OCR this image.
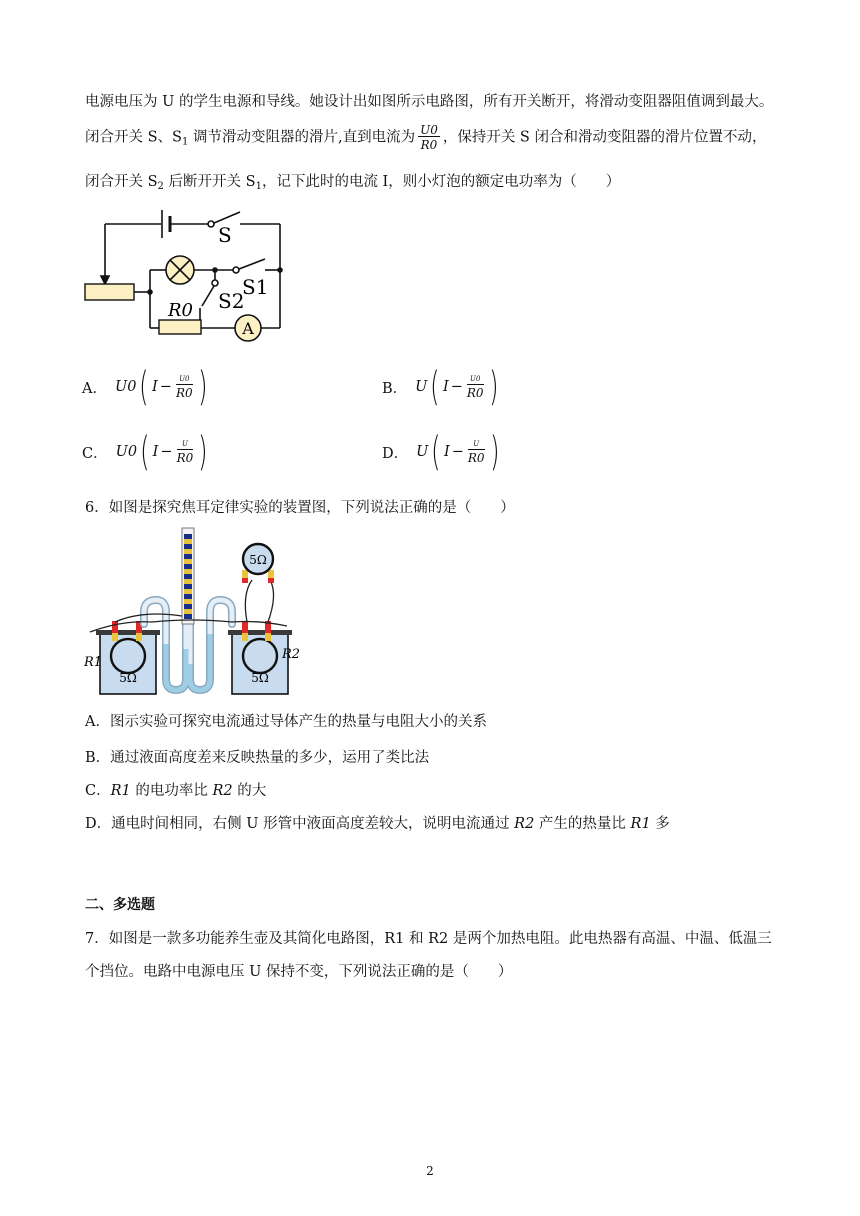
电源电压为 U 的学生电源和导线。她设计出如图所示电路图，所有开关断开，将滑动变阻器阻值调到最大。
闭合开关 S、$S_1$ 调节滑动变阻器的滑片,直到电流为 $\frac{U0}{R0}$ ，保持开关 S 闭合和滑动变阻器的滑片位置不动，
闭合开关 $S_2$ 后断开开关 $S_1$，记下此时的电流 I，则小灯泡的额定电功率为（　　）
A
S
S1
S2
R0
A． U0 ( I −
U0
R0 )	B． U ( I −
U0
R0 )
C． U0 ( I −
U
R0 )	D． U ( I −
U
R0 )
6．如图是探究焦耳定律实验的装置图，下列说法正确的是（　　）
5Ω	5Ω
5Ω
R1
R2
A．图示实验可探究电流通过导体产生的热量与电阻大小的关系
B．通过液面高度差来反映热量的多少，运用了类比法
C．R1 的电功率比 R2 的大
D．通电时间相同，右侧 U 形管中液面高度差较大，说明电流通过 R2 产生的热量比 R1 多
二、多选题
7．如图是一款多功能养生壶及其简化电路图，R1 和 R2 是两个加热电阻。此电热器有高温、中温、低温三
个挡位。电路中电源电压 U 保持不变，下列说法正确的是（　　）
2
